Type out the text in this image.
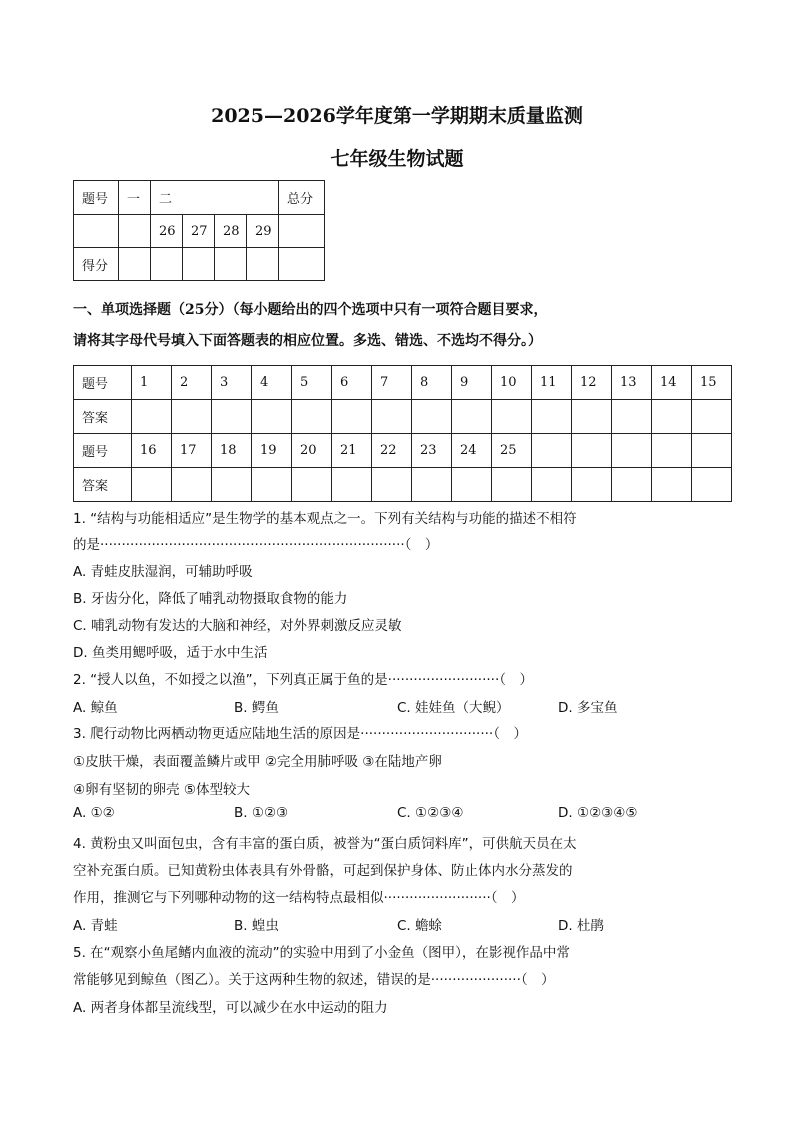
2025—2026学年度第一学期期末质量监测
七年级生物试题
题号	一	二				总分
		26	27	28	29	
得分						
一、单项选择题（25分）（每小题给出的四个选项中只有一项符合题目要求，
请将其字母代号填入下面答题表的相应位置。多选、错选、不选均不得分。）
题号	1	2	3	4	5	6	7	8	9	10	11	12	13	14	15
答案															
题号	16	17	18	19	20	21	22	23	24	25					
答案															
1. “结构与功能相适应”是生物学的基本观点之一。下列有关结构与功能的描述不相符
的是·······································································（　）
A. 青蛙皮肤湿润，可辅助呼吸
B. 牙齿分化，降低了哺乳动物摄取食物的能力
C. 哺乳动物有发达的大脑和神经，对外界刺激反应灵敏
D. 鱼类用鳃呼吸，适于水中生活
2. “授人以鱼，不如授之以渔”，下列真正属于鱼的是··························（　）
A. 鲸鱼	B. 鳄鱼	C. 娃娃鱼（大鲵）	D. 多宝鱼
3. 爬行动物比两栖动物更适应陆地生活的原因是·······························（　）
①皮肤干燥，表面覆盖鳞片或甲 ②完全用肺呼吸 ③在陆地产卵
④卵有坚韧的卵壳 ⑤体型较大
A. ①②	B. ①②③	C. ①②③④	D. ①②③④⑤
4. 黄粉虫又叫面包虫，含有丰富的蛋白质，被誉为“蛋白质饲料库”，可供航天员在太
空补充蛋白质。已知黄粉虫体表具有外骨骼，可起到保护身体、防止体内水分蒸发的
作用，推测它与下列哪种动物的这一结构特点最相似·························（　）
A. 青蛙	B. 蝗虫	C. 蟾蜍	D. 杜鹃
5. 在“观察小鱼尾鳍内血液的流动”的实验中用到了小金鱼（图甲），在影视作品中常
常能够见到鲸鱼（图乙）。关于这两种生物的叙述，错误的是·····················（　）
A. 两者身体都呈流线型，可以减少在水中运动的阻力
